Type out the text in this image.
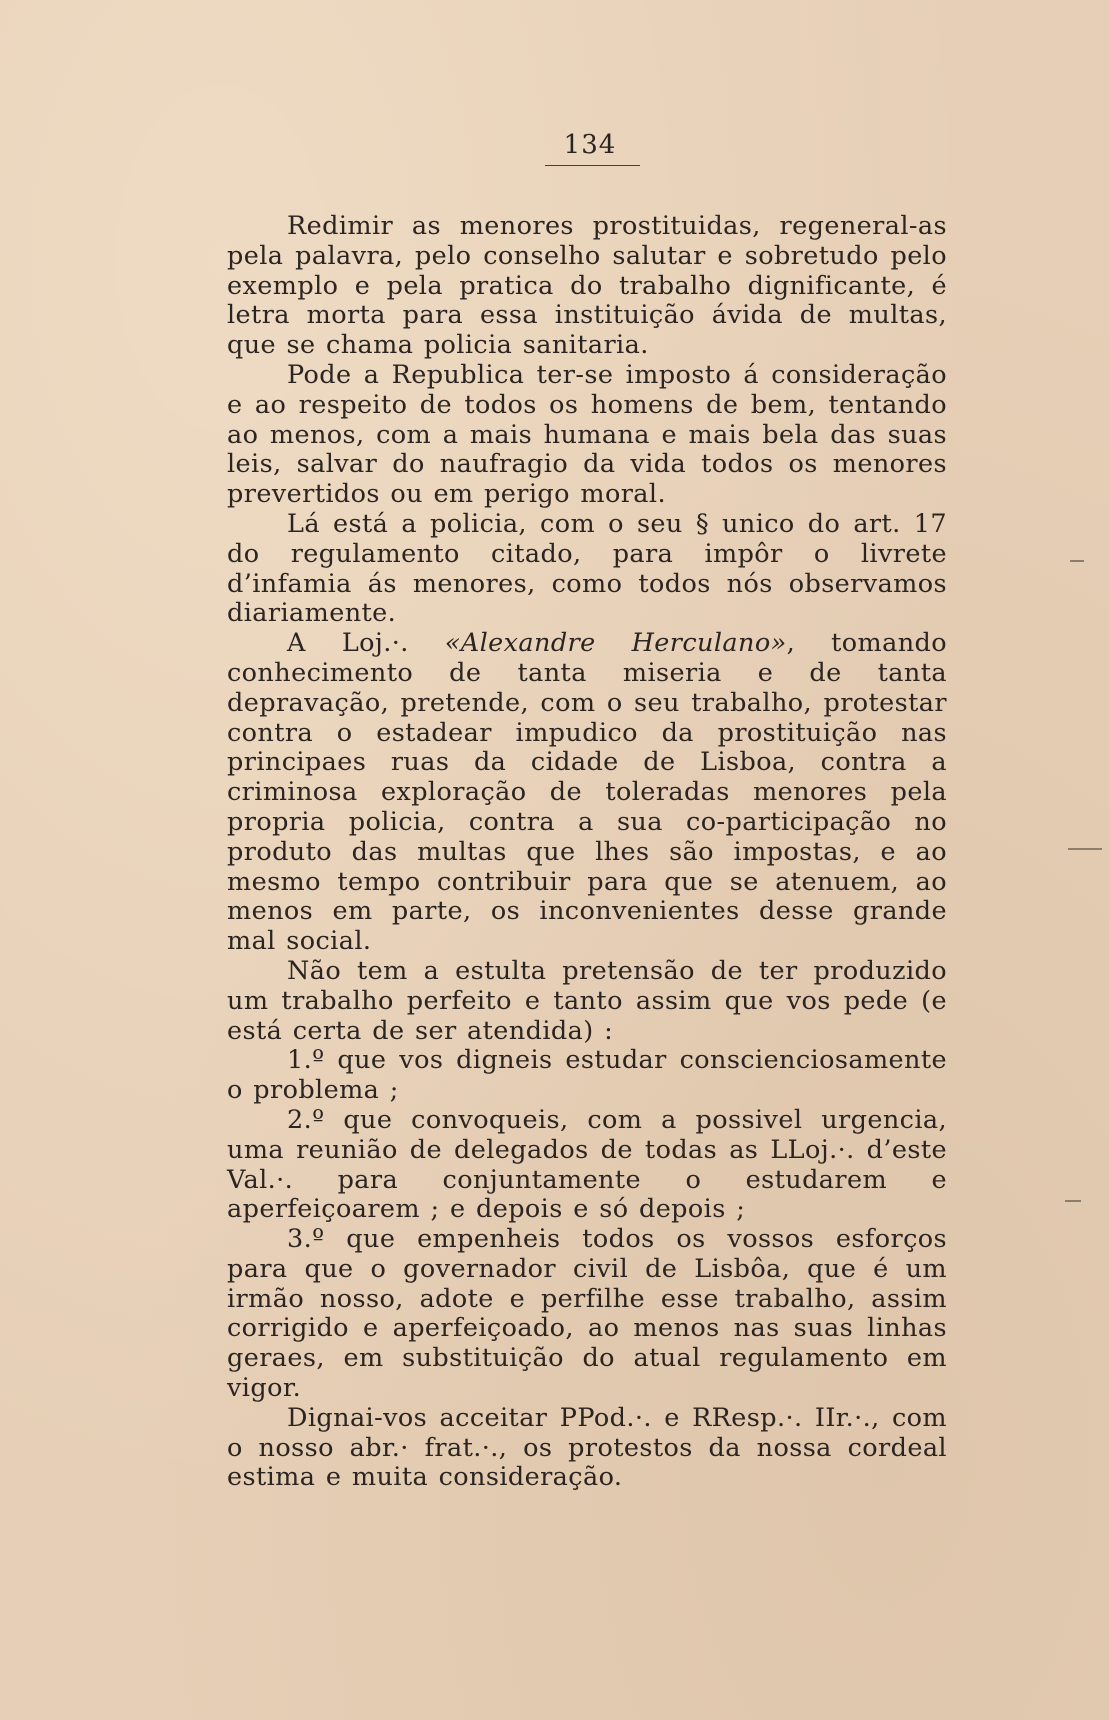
134

Redimir as menores prostituidas, regeneral-as pela palavra, pelo conselho salutar e sobretudo pelo exemplo e pela pratica do trabalho dignificante, é letra morta para essa instituição ávida de multas, que se chama policia sanitaria.

Pode a Republica ter-se imposto á consideração e ao respeito de todos os homens de bem, tentando ao menos, com a mais humana e mais bela das suas leis, salvar do naufragio da vida todos os menores prevertidos ou em perigo moral.

Lá está a policia, com o seu § unico do art. 17 do regulamento citado, para impôr o livrete d’infamia ás menores, como todos nós observamos diariamente.

A Loj.·. «Alexandre Herculano», tomando conhecimento de tanta miseria e de tanta depravação, pretende, com o seu trabalho, protestar contra o estadear impudico da prostituição nas principaes ruas da cidade de Lisboa, contra a criminosa exploração de toleradas menores pela propria policia, contra a sua co-participação no produto das multas que lhes são impostas, e ao mesmo tempo contribuir para que se atenuem, ao menos em parte, os inconvenientes desse grande mal social.

Não tem a estulta pretensão de ter produzido um trabalho perfeito e tanto assim que vos pede (e está certa de ser atendida) :

1.º que vos digneis estudar conscienciosamente o problema ;

2.º que convoqueis, com a possivel urgencia, uma reunião de delegados de todas as LLoj.·. d’este Val.·. para conjuntamente o estudarem e aperfeiçoarem ; e depois e só depois ;

3.º que empenheis todos os vossos esforços para que o governador civil de Lisbôa, que é um irmão nosso, adote e perfilhe esse trabalho, assim corrigido e aperfeiçoado, ao menos nas suas linhas geraes, em substituição do atual regulamento em vigor.

Dignai-vos acceitar PPod.·. e RResp.·. IIr.·., com o nosso abr.· frat.·., os protestos da nossa cordeal estima e muita consideração.
